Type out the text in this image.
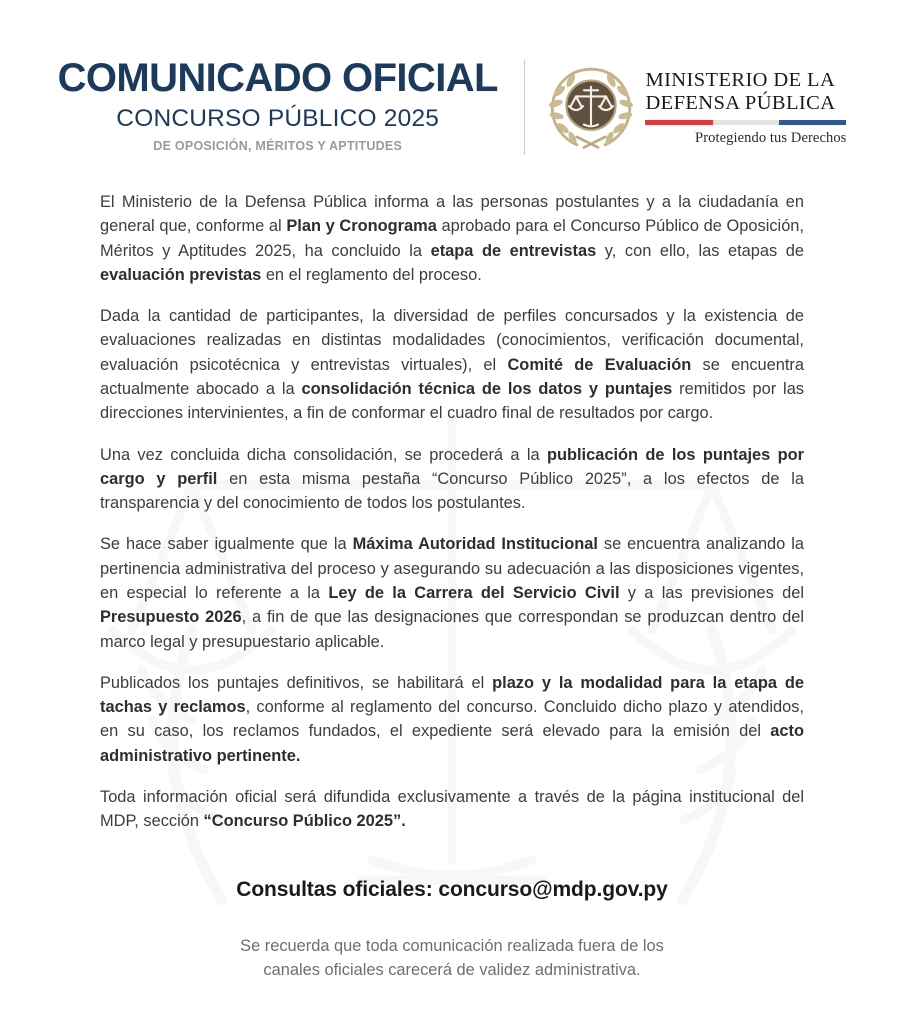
COMUNICADO OFICIAL
CONCURSO PÚBLICO 2025
DE OPOSICIÓN, MÉRITOS Y APTITUDES
MINISTERIO DE LA
DEFENSA PÚBLICA
Protegiendo tus Derechos

El Ministerio de la Defensa Pública informa a las personas postulantes y a la ciudadanía en general que, conforme al Plan y Cronograma aprobado para el Concurso Público de Oposición, Méritos y Aptitudes 2025, ha concluido la etapa de entrevistas y, con ello, las etapas de evaluación previstas en el reglamento del proceso.

Dada la cantidad de participantes, la diversidad de perfiles concursados y la existencia de evaluaciones realizadas en distintas modalidades (conocimientos, verificación documental, evaluación psicotécnica y entrevistas virtuales), el Comité de Evaluación se encuentra actualmente abocado a la consolidación técnica de los datos y puntajes remitidos por las direcciones intervinientes, a fin de conformar el cuadro final de resultados por cargo.

Una vez concluida dicha consolidación, se procederá a la publicación de los puntajes por cargo y perfil en esta misma pestaña “Concurso Público 2025”, a los efectos de la transparencia y del conocimiento de todos los postulantes.

Se hace saber igualmente que la Máxima Autoridad Institucional se encuentra analizando la pertinencia administrativa del proceso y asegurando su adecuación a las disposiciones vigentes, en especial lo referente a la Ley de la Carrera del Servicio Civil y a las previsiones del Presupuesto 2026, a fin de que las designaciones que correspondan se produzcan dentro del marco legal y presupuestario aplicable.

Publicados los puntajes definitivos, se habilitará el plazo y la modalidad para la etapa de tachas y reclamos, conforme al reglamento del concurso. Concluido dicho plazo y atendidos, en su caso, los reclamos fundados, el expediente será elevado para la emisión del acto administrativo pertinente.

Toda información oficial será difundida exclusivamente a través de la página institucional del MDP, sección “Concurso Público 2025”.

Consultas oficiales: concurso@mdp.gov.py
Se recuerda que toda comunicación realizada fuera de los
canales oficiales carecerá de validez administrativa.
